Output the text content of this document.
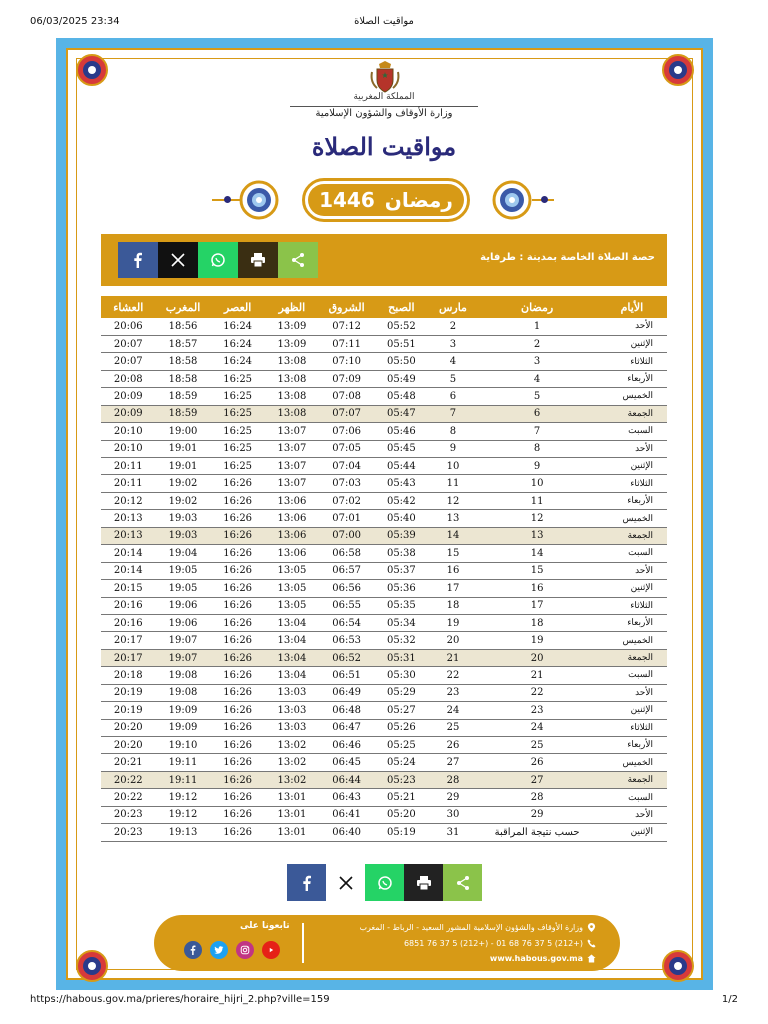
06/03/2025 23:34	مواقيت الصلاة
المملكة المغربية
وزارة الأوقاف والشؤون الإسلامية
مواقيت الصلاة
رمضان
1446
حصة الصلاة الخاصة بمدينة : طرفاية
الأيام	رمضان	مارس	الصبح	الشروق	الظهر	العصر	المغرب	العشاء
الأحد	1	2	05:52	07:12	13:09	16:24	18:56	20:06
الإثنين	2	3	05:51	07:11	13:09	16:24	18:57	20:07
الثلاثاء	3	4	05:50	07:10	13:08	16:24	18:58	20:07
الأربعاء	4	5	05:49	07:09	13:08	16:25	18:58	20:08
الخميس	5	6	05:48	07:08	13:08	16:25	18:59	20:09
الجمعة	6	7	05:47	07:07	13:08	16:25	18:59	20:09
السبت	7	8	05:46	07:06	13:07	16:25	19:00	20:10
الأحد	8	9	05:45	07:05	13:07	16:25	19:01	20:10
الإثنين	9	10	05:44	07:04	13:07	16:25	19:01	20:11
الثلاثاء	10	11	05:43	07:03	13:07	16:26	19:02	20:11
الأربعاء	11	12	05:42	07:02	13:06	16:26	19:02	20:12
الخميس	12	13	05:40	07:01	13:06	16:26	19:03	20:13
الجمعة	13	14	05:39	07:00	13:06	16:26	19:03	20:13
السبت	14	15	05:38	06:58	13:06	16:26	19:04	20:14
الأحد	15	16	05:37	06:57	13:05	16:26	19:05	20:14
الإثنين	16	17	05:36	06:56	13:05	16:26	19:05	20:15
الثلاثاء	17	18	05:35	06:55	13:05	16:26	19:06	20:16
الأربعاء	18	19	05:34	06:54	13:04	16:26	19:06	20:16
الخميس	19	20	05:32	06:53	13:04	16:26	19:07	20:17
الجمعة	20	21	05:31	06:52	13:04	16:26	19:07	20:17
السبت	21	22	05:30	06:51	13:04	16:26	19:08	20:18
الأحد	22	23	05:29	06:49	13:03	16:26	19:08	20:19
الإثنين	23	24	05:27	06:48	13:03	16:26	19:09	20:19
الثلاثاء	24	25	05:26	06:47	13:03	16:26	19:09	20:20
الأربعاء	25	26	05:25	06:46	13:02	16:26	19:10	20:20
الخميس	26	27	05:24	06:45	13:02	16:26	19:11	20:21
الجمعة	27	28	05:23	06:44	13:02	16:26	19:11	20:22
السبت	28	29	05:21	06:43	13:01	16:26	19:12	20:22
الأحد	29	30	05:20	06:41	13:01	16:26	19:12	20:23
الإثنين	حسب نتيجة المراقبة	31	05:19	06:40	13:01	16:26	19:13	20:23
تابعونا على	وزارة الأوقاف والشؤون الإسلامية المشور السعيد - الرباط - المغرب
(+212) 5 37 76 68 01 - (+212) 5 37 76 6851
www.habous.gov.ma
https://habous.gov.ma/prieres/horaire_hijri_2.php?ville=159	1/2
